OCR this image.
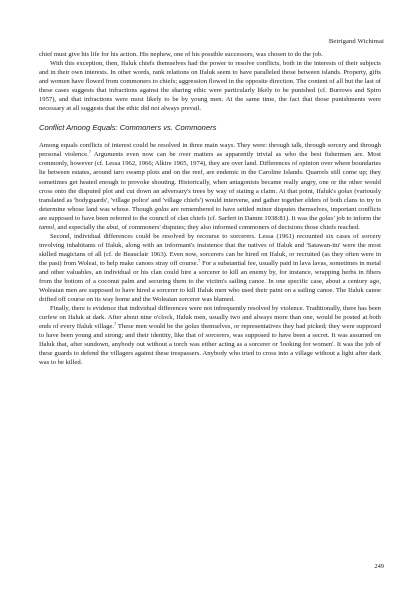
Betrigand Wichimai

chief must give his life for his action. His nephew, one of his possible successors, was chosen to do the job.

With this exception, then, Ifaluk chiefs themselves had the power to resolve conflicts, both in the interests of their subjects and in their own interests. In other words, rank relations on Ifaluk seem to have paralleled those between islands. Property, gifts and women have flowed from commoners to chiefs; aggression flowed in the opposite direction. The content of all but the last of these cases suggests that infractions against the sharing ethic were particularly likely to be punished (cf. Burrows and Spiro 1957), and that infractions were most likely to be by young men. At the same time, the fact that those punishments were necessary at all suggests that the ethic did not always prevail.

Conflict Among Equals: Commoners vs. Commoners

Among equals conflicts of interest could be resolved in three main ways. They were: through talk, through sorcery and through personal violence.$^7$ Arguments even now can be over matters as apparently trivial as who the best fishermen are. Most commonly, however (cf. Lessa 1962, 1966; Alkire 1965, 1974), they are over land. Differences of opinion over where boundaries lie between estates, around taro swamp plots and on the reef, are endemic in the Caroline Islands. Quarrels still come up; they sometimes get heated enough to provoke shouting. Historically, when antagonists became really angry, one or the other would cross onto the disputed plot and cut down an adversary's trees by way of stating a claim. At that point, Ifaluk's golas (variously translated as 'bodyguards', 'village police' and 'village chiefs') would intervene, and gather together elders of both clans to try to determine whose land was whose. Though golas are remembered to have settled minor disputes themselves, important conflicts are supposed to have been referred to the council of clan chiefs (cf. Sarfert in Damm 1938:81). It was the golas' job to inform the tamol, and especially the ubut, of commoners' disputes; they also informed commoners of decisions those chiefs reached.

Second, individual differences could be resolved by recourse to sorcerers. Lessa (1961) recounted six cases of sorcery involving inhabitants of Ifaluk, along with an informant's insistence that the natives of Ifaluk and 'Satawan-itu' were the most skilled magicians of all (cf. de Beauclair 1963). Even now, sorcerers can be hired on Ifaluk, or recruited (as they often were in the past) from Woleai, to help make canoes stray off course.$^7$ For a substantial fee, usually paid in lava lavas, sometimes in metal and other valuables, an individual or his clan could hire a sorcerer to kill an enemy by, for instance, wrapping herbs in fibers from the bottom of a coconut palm and securing them to the victim's sailing canoe. In one specific case, about a century ago, Woleaian men are supposed to have hired a sorcerer to kill Ifaluk men who used their paint on a sailing canoe. The Ifaluk canoe drifted off course on its way home and the Woleaian sorcerer was blamed.

Finally, there is evidence that individual differences were not infrequently resolved by violence. Traditionally, there has been curfew on Ifaluk at dark. After about nine o'clock, Ifaluk men, usually two and always more than one, would be posted at both ends of every Ifaluk village.$^7$ These men would be the golas themselves, or representatives they had picked; they were supposed to have been young and strong; and their identity, like that of sorcerers, was supposed to have been a secret. It was assumed on Ifaluk that, after sundown, anybody out without a torch was either acting as a sorcerer or 'looking for women'. It was the job of these guards to defend the villagers against these trespassers. Anybody who tried to cross into a village without a light after dark was to be killed.

249
